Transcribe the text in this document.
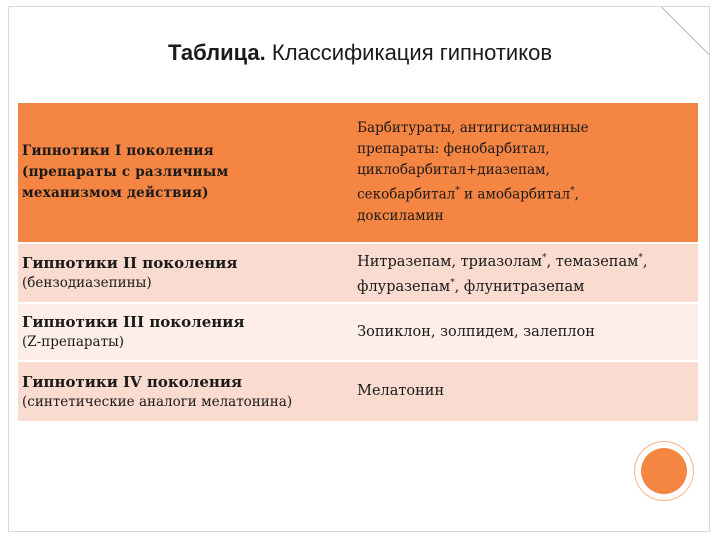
Таблица. Классификация гипнотиков
Гипнотики I поколения
(препараты с различным
механизмом действия)	Барбитураты, антигистаминные
препараты: фенобарбитал,
циклобарбитал+диазепам,
секобарбитал* и амобарбитал*,
доксиламин

Гипнотики II поколения
(бензодиазепины)	Нитразепам, триазолам*, темазепам*,
флуразепам*, флунитразепам

Гипнотики III поколения
(Z-препараты)	Зопиклон, золпидем, залеплон

Гипнотики IV поколения
(синтетические аналоги мелатонина)	Мелатонин
